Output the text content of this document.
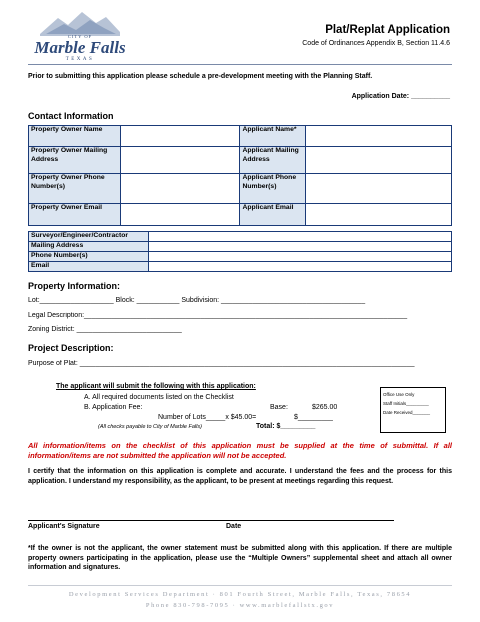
CITY OF
Marble Falls
TEXAS
Plat/Replat Application
Code of Ordinances Appendix B, Section 11.4.6
Prior to submitting this application please schedule a pre-development meeting with the Planning Staff.
Application Date: __________
Contact Information
Property Owner Name		Applicant Name*	
Property Owner Mailing Address		Applicant Mailing Address	
Property Owner Phone Number(s)		Applicant Phone Number(s)	
Property Owner Email		Applicant Email	
Surveyor/Engineer/Contractor	
Mailing Address	
Phone Number(s)	
Email	
Property Information:
Lot:___________________ Block: ___________ Subdivision: _____________________________________
Legal Description:___________________________________________________________________________________
Zoning District: ___________________________
Project Description:
Purpose of Plat: ______________________________________________________________________________________
The applicant will submit the following with this application:
A. All required documents listed on the Checklist
B. Application Fee:	Base:	$265.00
Number of Lots_____x $45.00=	$_________
(All checks payable to City of Marble Falls)	Total: $_________
Office Use Only
Staff Initials_________
Date Received_______
All information/items on the checklist of this application must be supplied at the time of submittal. If all information/items are not submitted the application will not be accepted.
I certify that the information on this application is complete and accurate. I understand the fees and the process for this application. I understand my responsibility, as the applicant, to be present at meetings regarding this request.
Applicant's Signature	Date
*If the owner is not the applicant, the owner statement must be submitted along with this application. If there are multiple property owners participating in the application, please use the “Multiple Owners” supplemental sheet and attach all owner information and signatures.
Development Services Department · 801 Fourth Street, Marble Falls, Texas, 78654
Phone 830-798-7095 · www.marblefallstx.gov
